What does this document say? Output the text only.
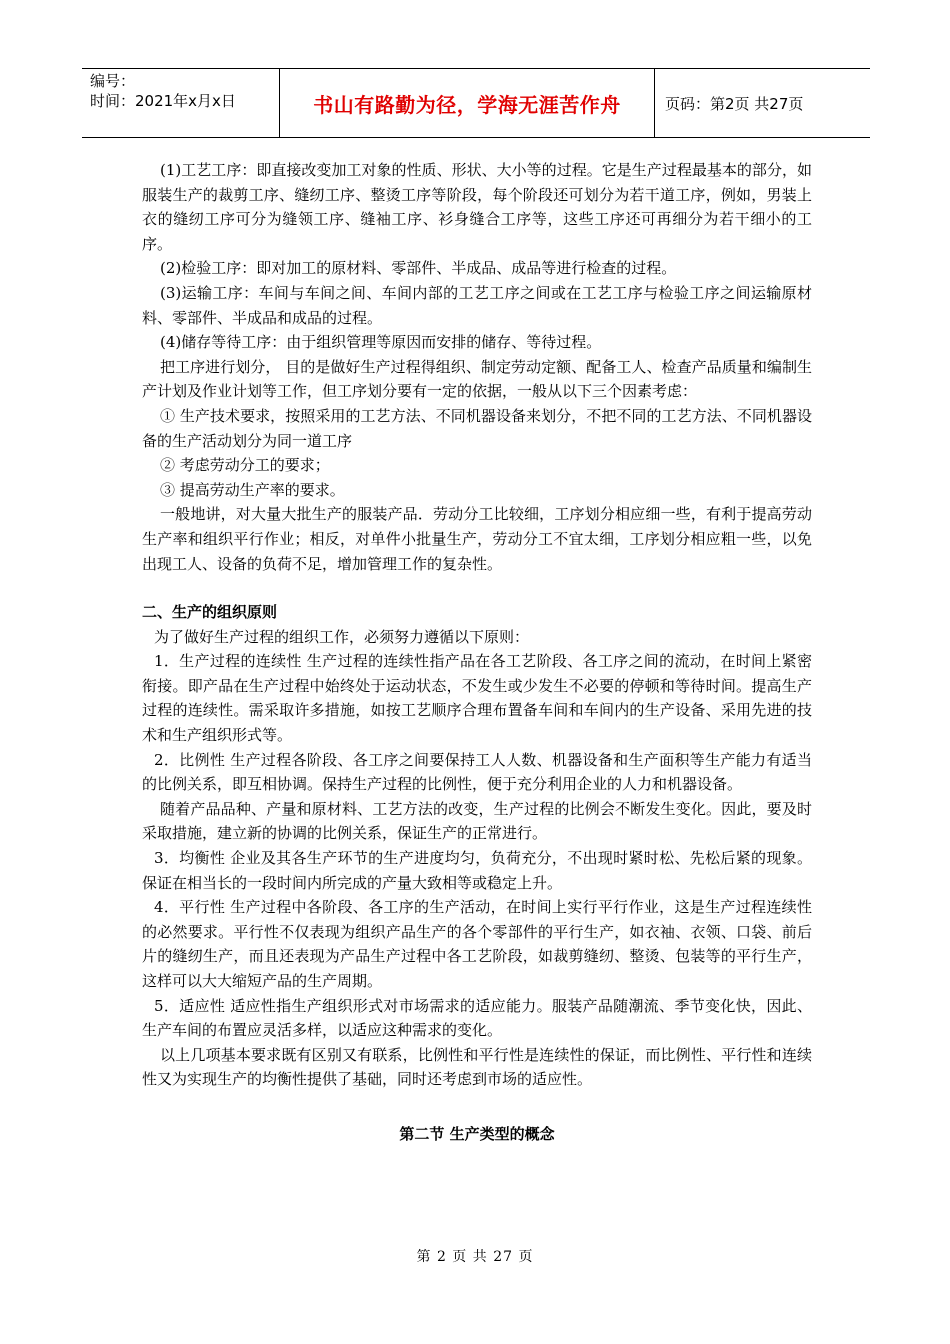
编号：
时间：2021年x月x日	书山有路勤为径，学海无涯苦作舟	页码：第2页 共27页

(1)工艺工序：即直接改变加工对象的性质、形状、大小等的过程。它是生产过程最基本的部分，如服装生产的裁剪工序、缝纫工序、整烫工序等阶段，每个阶段还可划分为若干道工序，例如，男装上衣的缝纫工序可分为缝领工序、缝袖工序、衫身缝合工序等，这些工序还可再细分为若干细小的工序。

(2)检验工序：即对加工的原材料、零部件、半成品、成品等进行检查的过程。

(3)运输工序：车间与车间之间、车间内部的工艺工序之间或在工艺工序与检验工序之间运输原材料、零部件、半成品和成品的过程。

(4)储存等待工序：由于组织管理等原因而安排的储存、等待过程。

把工序进行划分， 目的是做好生产过程得组织、制定劳动定额、配备工人、检查产品质量和编制生产计划及作业计划等工作，但工序划分要有一定的依据，一般从以下三个因素考虑：

① 生产技术要求，按照采用的工艺方法、不同机器设备来划分，不把不同的工艺方法、不同机器设备的生产活动划分为同一道工序

② 考虑劳动分工的要求；

③ 提高劳动生产率的要求。

一般地讲，对大量大批生产的服装产品．劳动分工比较细，工序划分相应细一些，有利于提高劳动生产率和组织平行作业；相反，对单件小批量生产，劳动分工不宜太细，工序划分相应粗一些，以免出现工人、设备的负荷不足，增加管理工作的复杂性。

二、生产的组织原则

为了做好生产过程的组织工作，必须努力遵循以下原则：

1．生产过程的连续性 生产过程的连续性指产品在各工艺阶段、各工序之间的流动，在时间上紧密衔接。即产品在生产过程中始终处于运动状态，不发生或少发生不必要的停顿和等待时间。提高生产过程的连续性。需采取许多措施，如按工艺顺序合理布置备车间和车间内的生产设备、采用先进的技术和生产组织形式等。

2．比例性 生产过程各阶段、各工序之间要保持工人人数、机器设备和生产面积等生产能力有适当的比例关系，即互相协调。保持生产过程的比例性，便于充分利用企业的人力和机器设备。

随着产品品种、产量和原材料、工艺方法的改变，生产过程的比例会不断发生变化。因此，要及时采取措施，建立新的协调的比例关系，保证生产的正常进行。

3．均衡性 企业及其各生产环节的生产进度均匀，负荷充分，不出现时紧时松、先松后紧的现象。保证在相当长的一段时间内所完成的产量大致相等或稳定上升。

4．平行性 生产过程中各阶段、各工序的生产活动，在时间上实行平行作业，这是生产过程连续性的必然要求。平行性不仅表现为组织产品生产的各个零部件的平行生产，如衣袖、衣领、口袋、前后片的缝纫生产，而且还表现为产品生产过程中各工艺阶段，如裁剪缝纫、整烫、包装等的平行生产，这样可以大大缩短产品的生产周期。

5．适应性 适应性指生产组织形式对市场需求的适应能力。服装产品随潮流、季节变化快，因此、生产车间的布置应灵活多样，以适应这种需求的变化。

以上几项基本要求既有区别又有联系，比例性和平行性是连续性的保证，而比例性、平行性和连续性又为实现生产的均衡性提供了基础，同时还考虑到市场的适应性。

第二节 生产类型的概念

第 2 页 共 27 页
